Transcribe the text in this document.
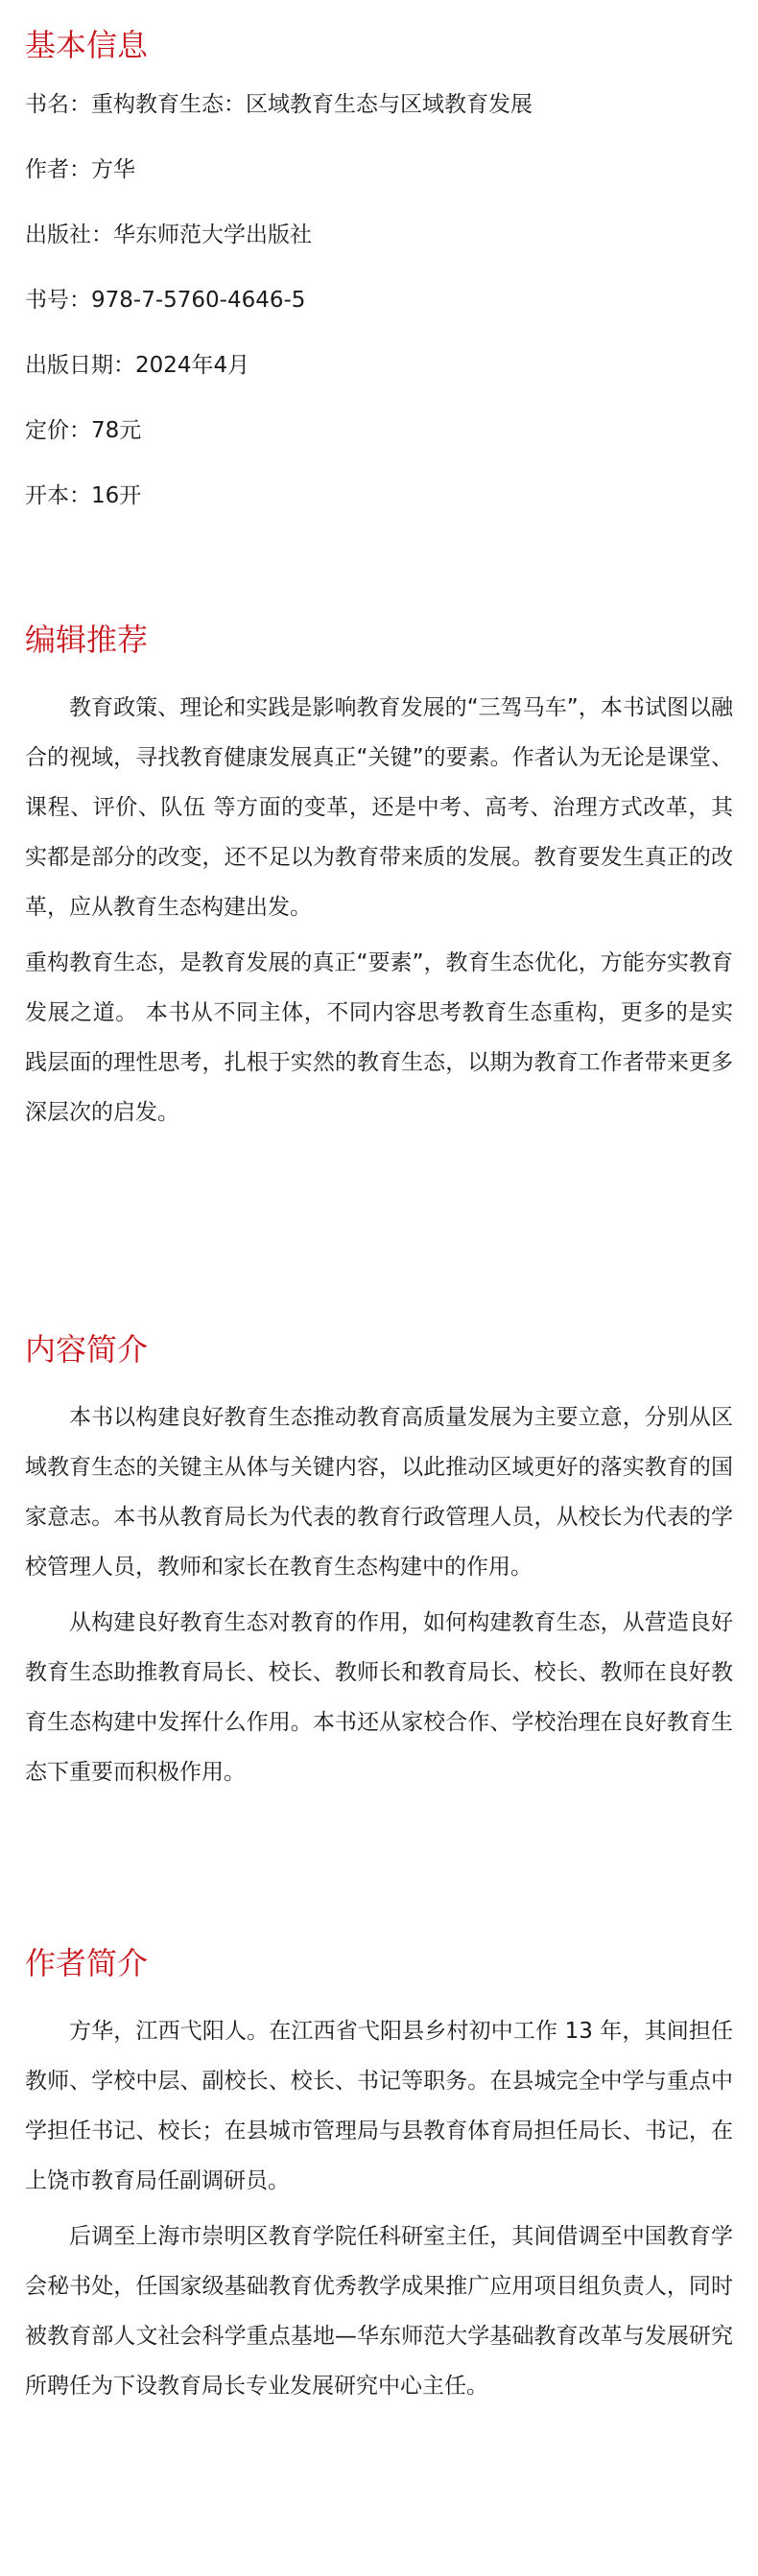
基本信息
书名：重构教育生态：区域教育生态与区域教育发展
作者：方华
出版社：华东师范大学出版社
书号：978-7-5760-4646-5
出版日期：2024年4月
定价：78元
开本：16开
编辑推荐

教育政策、理论和实践是影响教育发展的“三驾马车”，本书试图以融合的视域，寻找教育健康发展真正“关键”的要素。作者认为无论是课堂、课程、评价、队伍 等方面的变革，还是中考、高考、治理方式改革，其实都是部分的改变，还不足以为教育带来质的发展。教育要发生真正的改革，应从教育生态构建出发。

重构教育生态，是教育发展的真正“要素”，教育生态优化，方能夯实教育发展之道。 本书从不同主体，不同内容思考教育生态重构，更多的是实践层面的理性思考，扎根于实然的教育生态，以期为教育工作者带来更多深层次的启发。

内容简介

本书以构建良好教育生态推动教育高质量发展为主要立意，分别从区域教育生态的关键主从体与关键内容，以此推动区域更好的落实教育的国家意志。本书从教育局长为代表的教育行政管理人员，从校长为代表的学校管理人员，教师和家长在教育生态构建中的作用。

从构建良好教育生态对教育的作用，如何构建教育生态，从营造良好教育生态助推教育局长、校长、教师长和教育局长、校长、教师在良好教育生态构建中发挥什么作用。本书还从家校合作、学校治理在良好教育生态下重要而积极作用。

作者简介

方华，江西弋阳人。在江西省弋阳县乡村初中工作 13 年，其间担任教师、学校中层、副校长、校长、书记等职务。在县城完全中学与重点中学担任书记、校长；在县城市管理局与县教育体育局担任局长、书记，在上饶市教育局任副调研员。

后调至上海市崇明区教育学院任科研室主任，其间借调至中国教育学会秘书处，任国家级基础教育优秀教学成果推广应用项目组负责人，同时被教育部人文社会科学重点基地—华东师范大学基础教育改革与发展研究所聘任为下设教育局长专业发展研究中心主任。
